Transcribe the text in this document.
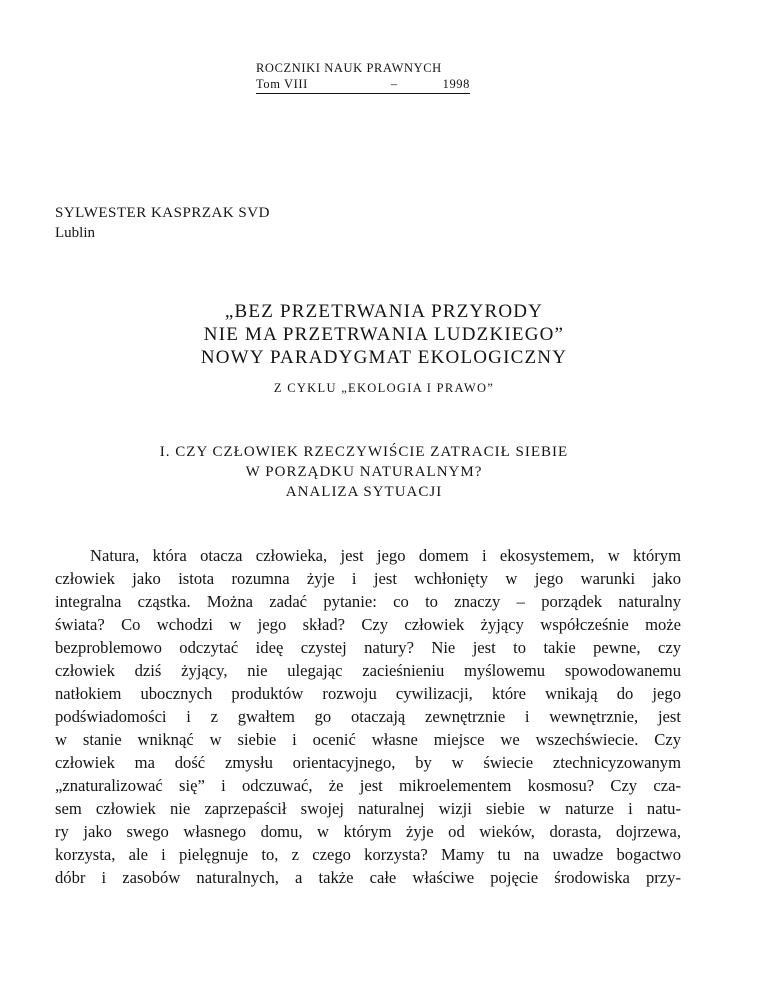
ROCZNIKI NAUK PRAWNYCH
Tom VIII	–	1998
SYLWESTER KASPRZAK SVD
Lublin
„BEZ PRZETRWANIA PRZYRODY
NIE MA PRZETRWANIA LUDZKIEGO”
NOWY PARADYGMAT EKOLOGICZNY
Z CYKLU „EKOLOGIA I PRAWO”
I. CZY CZŁOWIEK RZECZYWIŚCIE ZATRACIŁ SIEBIE
W PORZĄDKU NATURALNYM?
ANALIZA SYTUACJI
Natura, która otacza człowieka, jest jego domem i ekosystemem, w którym
człowiek jako istota rozumna żyje i jest wchłonięty w jego warunki jako
integralna cząstka. Można zadać pytanie: co to znaczy – porządek naturalny
świata? Co wchodzi w jego skład? Czy człowiek żyjący współcześnie może
bezproblemowo odczytać ideę czystej natury? Nie jest to takie pewne, czy
człowiek dziś żyjący, nie ulegając zacieśnieniu myślowemu spowodowanemu
natłokiem ubocznych produktów rozwoju cywilizacji, które wnikają do jego
podświadomości i z gwałtem go otaczają zewnętrznie i wewnętrznie, jest
w stanie wniknąć w siebie i ocenić własne miejsce we wszechświecie. Czy
człowiek ma dość zmysłu orientacyjnego, by w świecie ztechnicyzowanym
„znaturalizować się” i odczuwać, że jest mikroelementem kosmosu? Czy cza-
sem człowiek nie zaprzepaścił swojej naturalnej wizji siebie w naturze i natu-
ry jako swego własnego domu, w którym żyje od wieków, dorasta, dojrzewa,
korzysta, ale i pielęgnuje to, z czego korzysta? Mamy tu na uwadze bogactwo
dóbr i zasobów naturalnych, a także całe właściwe pojęcie środowiska przy-
